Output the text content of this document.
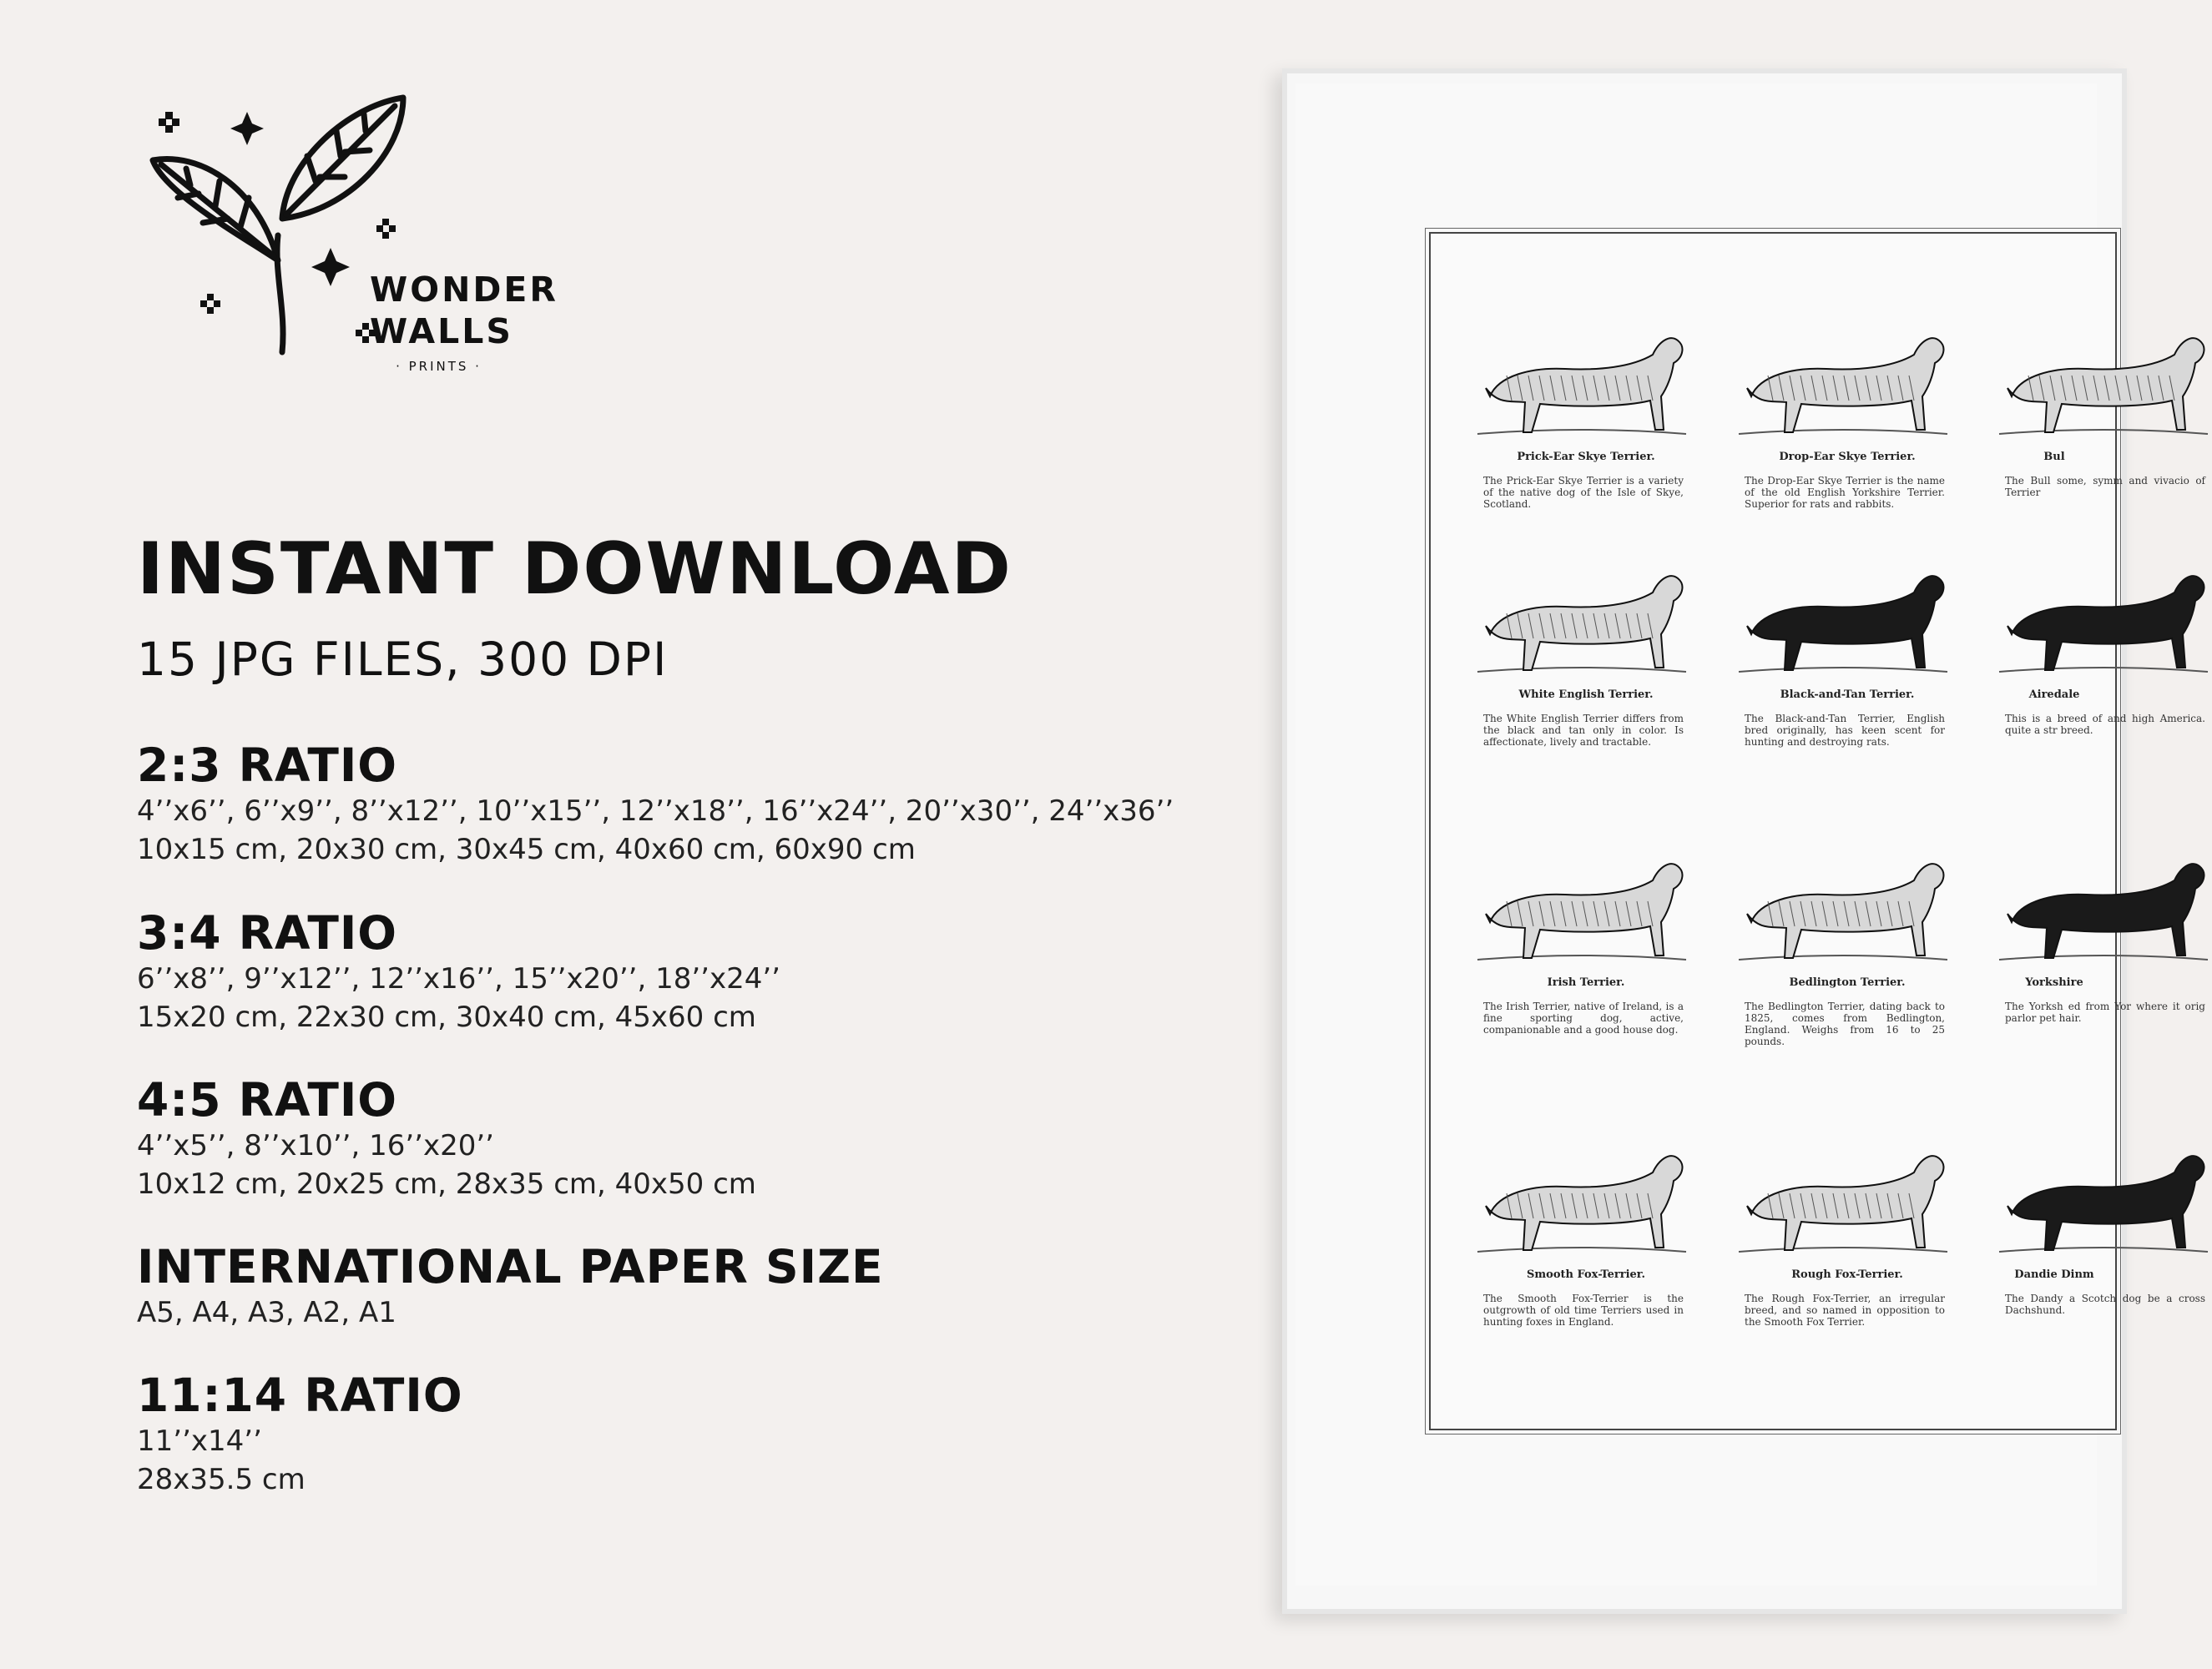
WONDER
WALLS
· PRINTS ·
INSTANT DOWNLOAD
15 JPG FILES, 300 DPI
2:3 RATIO
4’’x6’’, 6’’x9’’, 8’’x12’’, 10’’x15’’, 12’’x18’’, 16’’x24’’, 20’’x30’’, 24’’x36’’
10x15 cm, 20x30 cm, 30x45 cm, 40x60 cm, 60x90 cm
3:4 RATIO
6’’x8’’, 9’’x12’’, 12’’x16’’, 15’’x20’’, 18’’x24’’
15x20 cm, 22x30 cm, 30x40 cm, 45x60 cm
4:5 RATIO
4’’x5’’, 8’’x10’’, 16’’x20’’
10x12 cm, 20x25 cm, 28x35 cm, 40x50 cm
INTERNATIONAL PAPER SIZE
A5, A4, A3, A2, A1
11:14 RATIO
11’’x14’’
28x35.5 cm
Prick-Ear Skye Terrier.
The Prick-Ear Skye Terrier is a variety of the native dog of the Isle of Skye, Scotland.
Drop-Ear Skye Terrier.
The Drop-Ear Skye Terrier is the name of the old English Yorkshire Terrier. Superior for rats and rabbits.
Bul
The Bull some, symm and vivacio of Terrier
White English Terrier.
The White English Terrier differs from the black and tan only in color. Is affectionate, lively and tractable.
Black-and-Tan Terrier.
The Black-and-Tan Terrier, English bred originally, has keen scent for hunting and destroying rats.
Airedale
This is a breed of and high America. quite a str breed.
Irish Terrier.
The Irish Terrier, native of Ireland, is a fine sporting dog, active, companionable and a good house dog.
Bedlington Terrier.
The Bedlington Terrier, dating back to 1825, comes from Bedlington, England. Weighs from 16 to 25 pounds.
Yorkshire
The Yorksh ed from Yor where it orig parlor pet hair.
Smooth Fox-Terrier.
The Smooth Fox-Terrier is the outgrowth of old time Terriers used in hunting foxes in England.
Rough Fox-Terrier.
The Rough Fox-Terrier, an irregular breed, and so named in opposition to the Smooth Fox Terrier.
Dandie Dinm
The Dandy a Scotch dog be a cross Dachshund.
